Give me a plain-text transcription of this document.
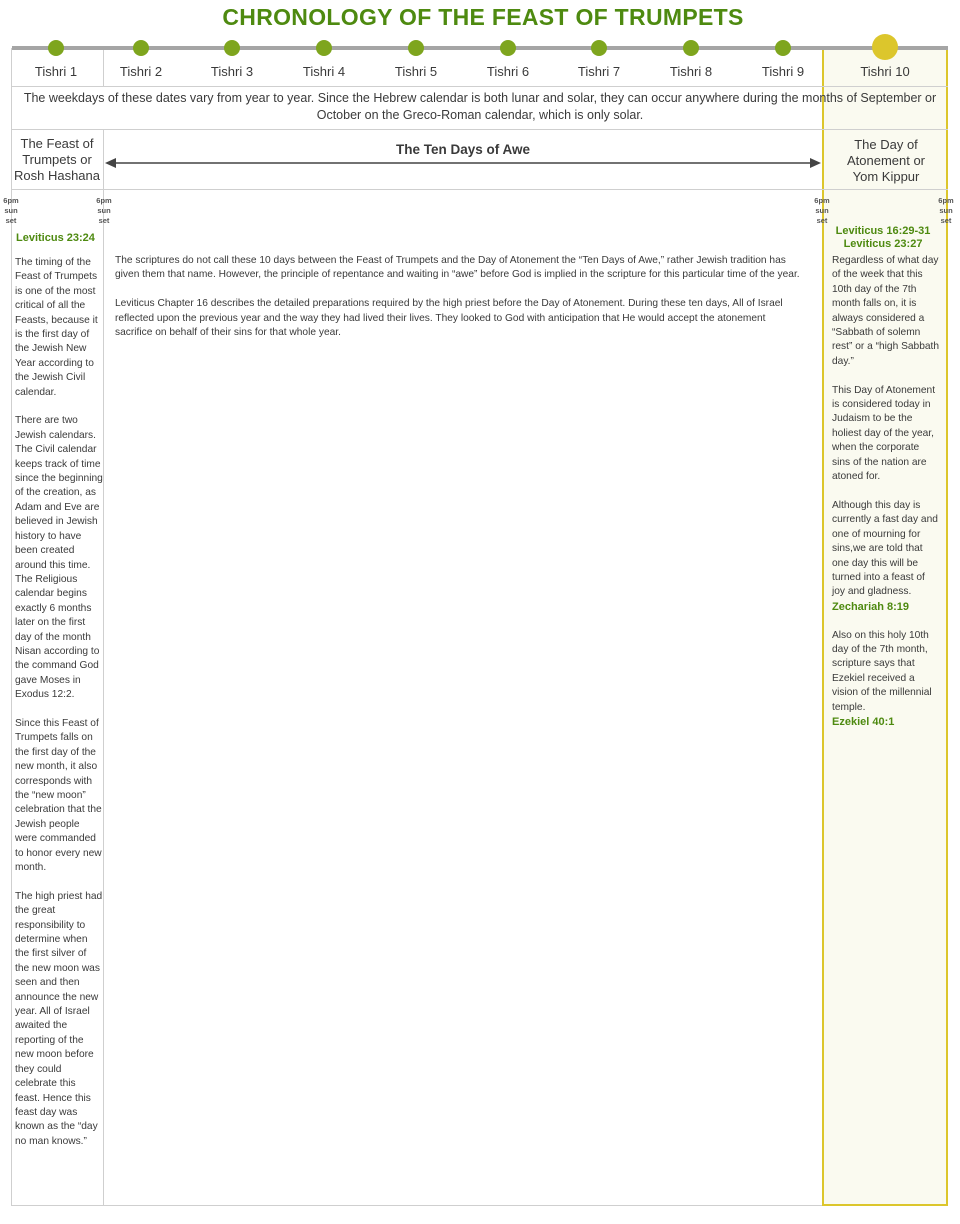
CHRONOLOGY OF THE FEAST OF TRUMPETS
Tishri 1	Tishri 2	Tishri 3	Tishri 4	Tishri 5	Tishri 6	Tishri 7	Tishri 8	Tishri 9	Tishri 10
The weekdays of these dates vary from year to year. Since the Hebrew calendar is both lunar and solar, they can occur anywhere during the months of September or October on the Greco-Roman calendar, which is only solar.
The Feast of Trumpets or Rosh Hashana
The Ten Days of Awe	The Day of Atonement or Yom Kippur
6pm
sun
set
6pm
sun
set
6pm
sun
set
6pm
sun
set
Leviticus 23:24

The timing of the Feast of Trumpets is one of the most critical of all the Feasts, because it is the first day of the Jewish New Year according to the Jewish Civil calendar.

There are two Jewish calendars. The Civil calendar keeps track of time since the beginning of the creation, as Adam and Eve are believed in Jewish history to have been created around this time. The Religious calendar begins exactly 6 months later on the first day of the month Nisan according to the command God gave Moses in Exodus 12:2.

Since this Feast of Trumpets falls on the first day of the new month, it also corresponds with the “new moon” celebration that the Jewish people were commanded to honor every new month.

The high priest had the great responsibility to determine when the first silver of the new moon was seen and then announce the new year. All of Israel awaited the reporting of the new moon before they could celebrate this feast. Hence this feast day was known as the “day no man knows.”

The scriptures do not call these 10 days between the Feast of Trumpets and the Day of Atonement the “Ten Days of Awe,” rather Jewish tradition has given them that name. However, the principle of repentance and waiting in “awe” before God is implied in the scripture for this particular time of the year.

Leviticus Chapter 16 describes the detailed preparations required by the high priest before the Day of Atonement. During these ten days, All of Israel reflected upon the previous year and the way they had lived their lives. They looked to God with anticipation that He would accept the atonement sacrifice on behalf of their sins for that whole year.

Leviticus 16:29-31
Leviticus 23:27

Regardless of what day of the week that this 10th day of the 7th month falls on, it is always considered a “Sabbath of solemn rest” or a “high Sabbath day.”

This Day of Atonement is considered today in Judaism to be the holiest day of the year, when the corporate sins of the nation are atoned for.

Although this day is currently a fast day and one of mourning for sins,we are told that one day this will be turned into a feast of joy and gladness.

Zechariah 8:19

Also on this holy 10th day of the 7th month, scripture says that Ezekiel received a vision of the millennial temple.
Ezekiel 40:1
